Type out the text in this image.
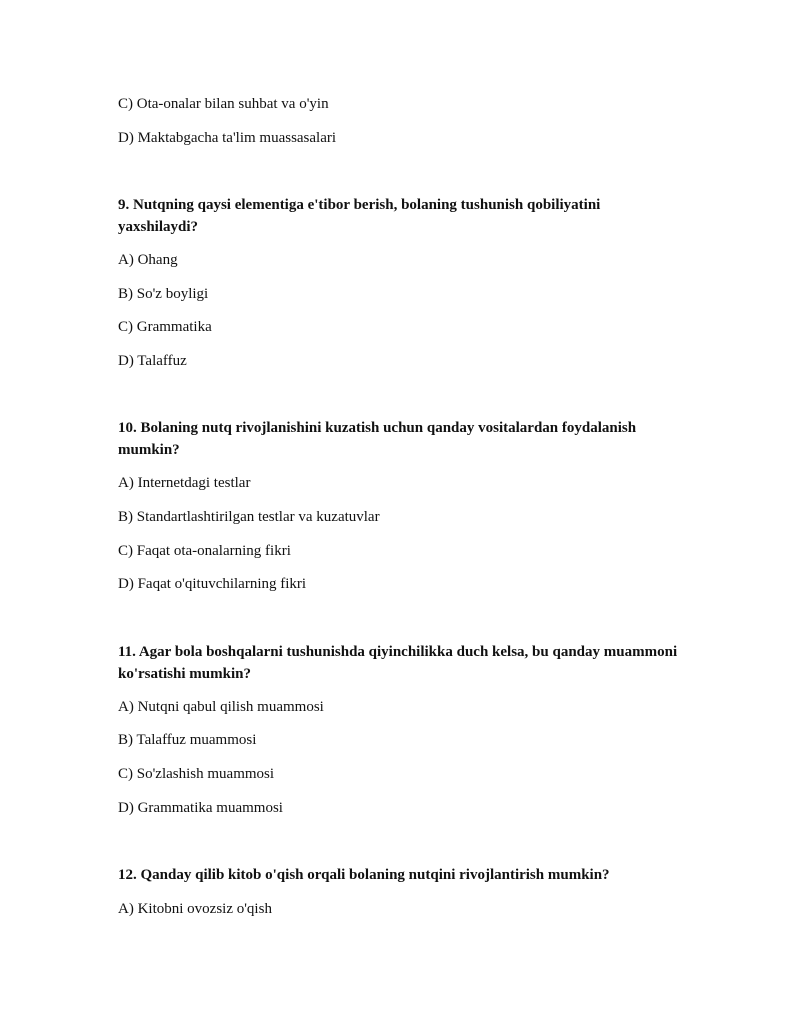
C) Ota-onalar bilan suhbat va o'yin
D) Maktabgacha ta'lim muassasalari
9. Nutqning qaysi elementiga e'tibor berish, bolaning tushunish qobiliyatini yaxshilaydi?
A) Ohang
B) So'z boyligi
C) Grammatika
D) Talaffuz
10. Bolaning nutq rivojlanishini kuzatish uchun qanday vositalardan foydalanish mumkin?
A) Internetdagi testlar
B) Standartlashtirilgan testlar va kuzatuvlar
C) Faqat ota-onalarning fikri
D) Faqat o'qituvchilarning fikri
11. Agar bola boshqalarni tushunishda qiyinchilikka duch kelsa, bu qanday muammoni ko'rsatishi mumkin?
A) Nutqni qabul qilish muammosi
B) Talaffuz muammosi
C) So'zlashish muammosi
D) Grammatika muammosi
12. Qanday qilib kitob o'qish orqali bolaning nutqini rivojlantirish mumkin?
A) Kitobni ovozsiz o'qish
